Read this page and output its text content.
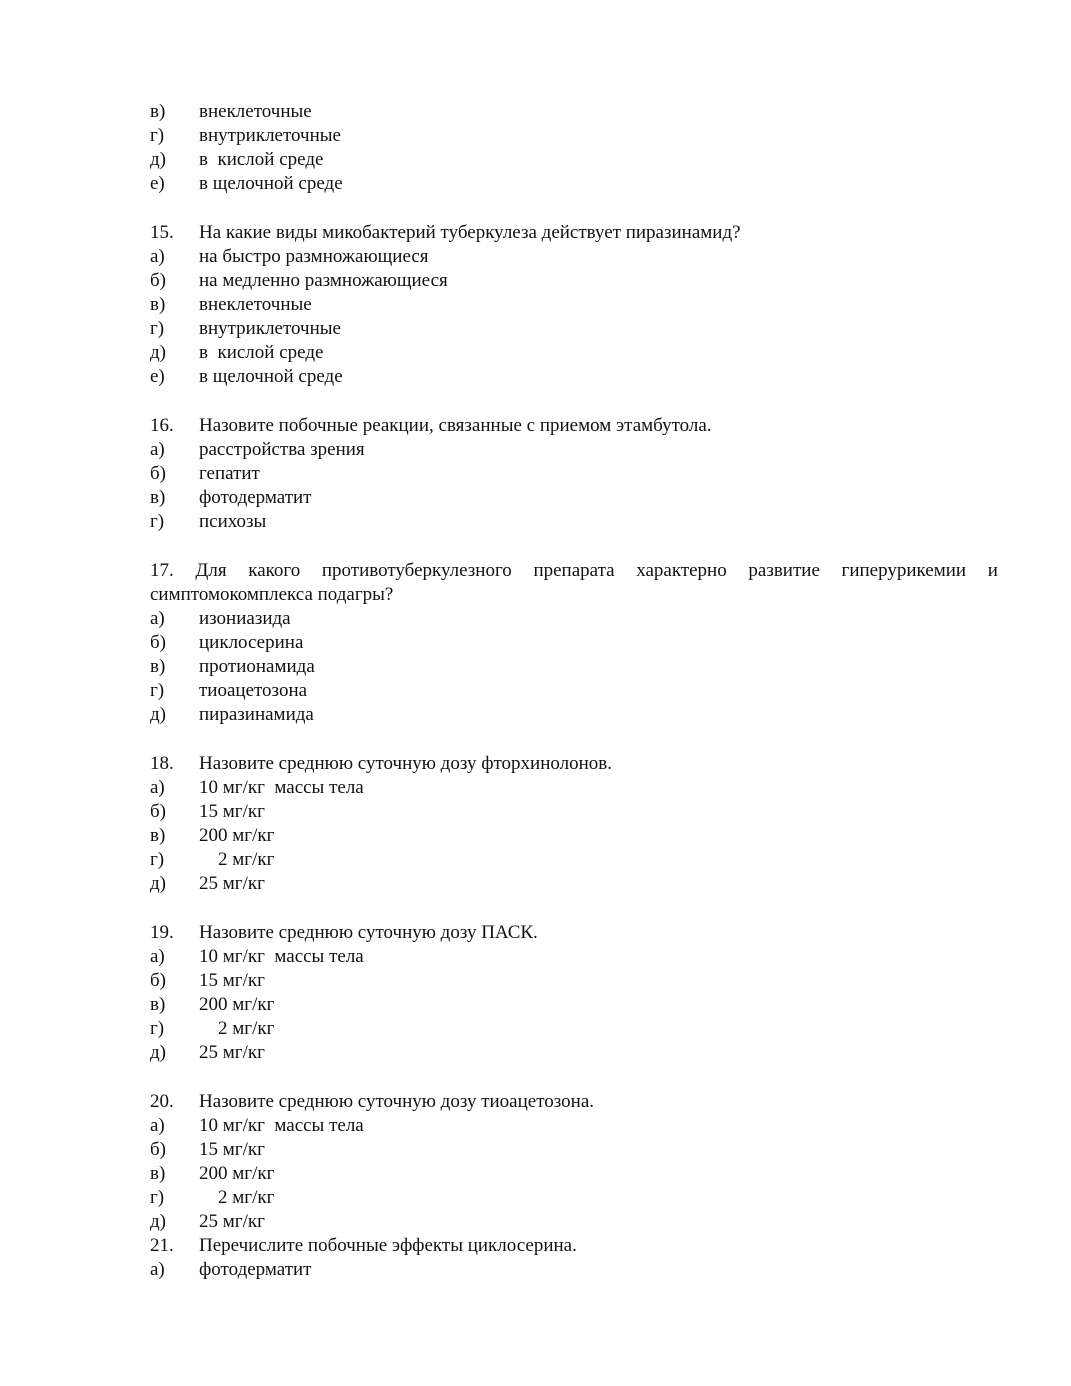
в) внеклеточные
г) внутриклеточные
д) в  кислой среде
е) в щелочной среде
15. На какие виды микобактерий туберкулеза действует пиразинамид?
а) на быстро размножающиеся
б) на медленно размножающиеся
в) внеклеточные
г) внутриклеточные
д) в  кислой среде
е) в щелочной среде
16. Назовите побочные реакции, связанные с приемом этамбутола.
а) расстройства зрения
б) гепатит
в) фотодерматит
г) психозы
17. Для какого противотуберкулезного препарата характерно развитие гиперурикемии и
симптомокомплекса подагры?
а) изониазида
б) циклосерина
в) протионамида
г) тиоацетозона
д) пиразинамида
18. Назовите среднюю суточную дозу фторхинолонов.
а) 10 мг/кг  массы тела
б) 15 мг/кг
в) 200 мг/кг
г) 2 мг/кг
д) 25 мг/кг
19. Назовите среднюю суточную дозу ПАСК.
а) 10 мг/кг  массы тела
б) 15 мг/кг
в) 200 мг/кг
г) 2 мг/кг
д) 25 мг/кг
20. Назовите среднюю суточную дозу тиоацетозона.
а) 10 мг/кг  массы тела
б) 15 мг/кг
в) 200 мг/кг
г) 2 мг/кг
д) 25 мг/кг
21. Перечислите побочные эффекты циклосерина.
а) фотодерматит
